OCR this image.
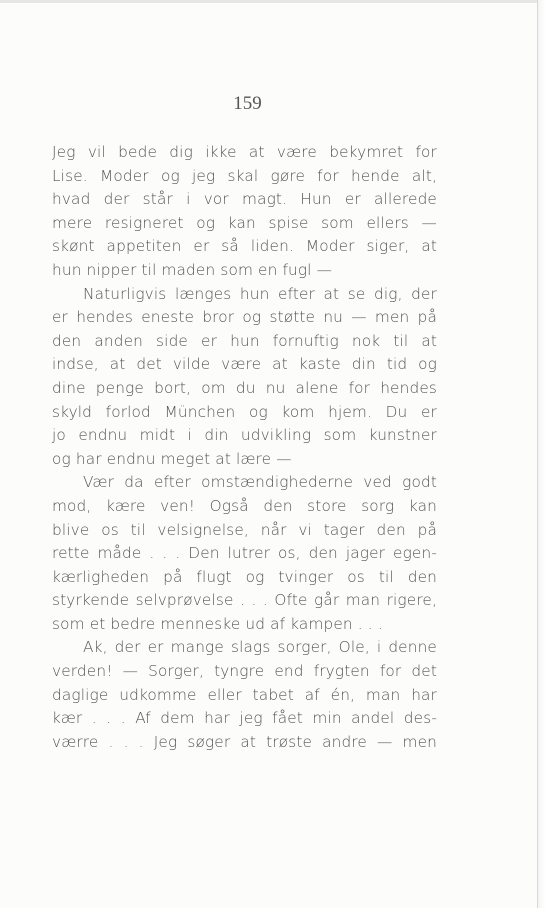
159
Jeg vil bede dig ikke at være bekymret for
Lise. Moder og jeg skal gøre for hende alt,
hvad der står i vor magt. Hun er allerede
mere resigneret og kan spise som ellers —
skønt appetiten er så liden. Moder siger, at
hun nipper til maden som en fugl —
Naturligvis længes hun efter at se dig, der
er hendes eneste bror og støtte nu — men på
den anden side er hun fornuftig nok til at
indse, at det vilde være at kaste din tid og
dine penge bort, om du nu alene for hendes
skyld forlod München og kom hjem. Du er
jo endnu midt i din udvikling som kunstner
og har endnu meget at lære —
Vær da efter omstændighederne ved godt
mod, kære ven! Også den store sorg kan
blive os til velsignelse, når vi tager den på
rette måde . . . Den lutrer os, den jager egen-
kærligheden på flugt og tvinger os til den
styrkende selvprøvelse . . . Ofte går man rigere,
som et bedre menneske ud af kampen . . .
Ak, der er mange slags sorger, Ole, i denne
verden! — Sorger, tyngre end frygten for det
daglige udkomme eller tabet af én, man har
kær . . . Af dem har jeg fået min andel des-
værre . . . Jeg søger at trøste andre — men
